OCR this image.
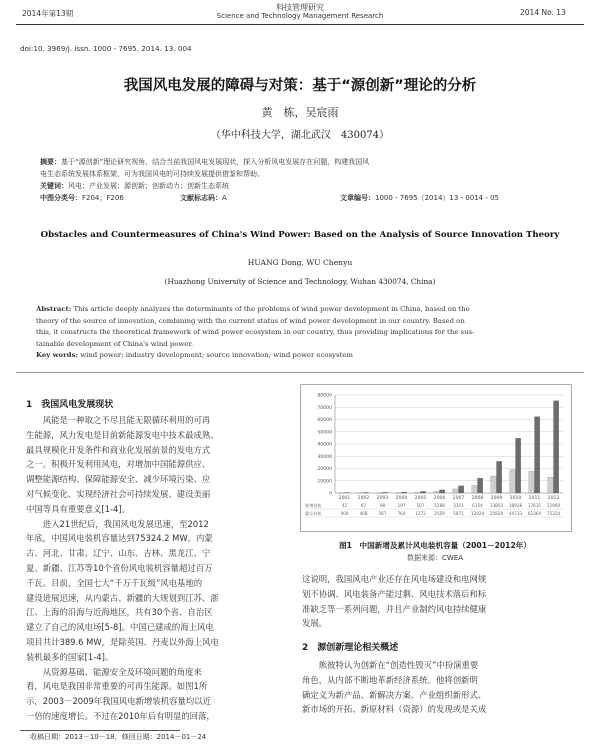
2014年第13期
科技管理研究
Science and Technology Management Research	2014 No. 13
doi:10. 3969/j. issn. 1000 - 7695. 2014. 13. 004
我国风电发展的障碍与对策：基于“源创新”理论的分析
黄　栋，吴宸雨
（华中科技大学，湖北武汉　430074）
摘要：基于“源创新”理论研究视角，结合当前我国风电发展现状，探入分析风电发展存在问题，构建我国风
电生态系统发展体系框架，可为我国风电的可持续发展提供借鉴和帮助。
关键词：风电；产业发展；源创新；创新动力；创新生态系统
中图分类号：F204；F206	文献标志码：A	文章编号：1000 - 7695（2014）13 - 0014 - 05
Obstacles and Countermeasures of China's Wind Power: Based on the Analysis of Source Innovation Theory
HUANG Dong, WU Chenyu
(Huazhong University of Science and Technology, Wuhan 430074, China)
Abstract: This article deeply analyzes the determinants of the problems of wind power development in China, based on the
theory of the source of innovation, combining with the current status of wind power development in our country. Based on
this, it constructs the theoretical framework of wind power ecosystem in our country, thus providing implications for the sus-
tainable development of China's wind power.
Key words: wind power; industry development; source innovation; wind power ecosystem
1　我国风电发展现状

风能是一种取之不尽且能无限循环利用的可再

生能源，风力发电是目前新能源发电中技术最成熟、

最具规模化开发条件和商业化发展前景的发电方式

之一。积极开发利用风电，对增加中国能源供应、

调整能源结构、保障能源安全、减少环境污染、应

对气候变化、实现经济社会可持续发展、建设美丽

中国等具有重要意义[1-4]。

进入21世纪后，我国风电发展迅速，至2012

年底，中国风电装机容量达到75324.2 MW。内蒙

古、河北、甘肃、辽宁、山东、吉林、黑龙江、宁

夏、新疆、江苏等10个省份风电装机容量超过百万

千瓦。目前，全国七大“千万千瓦级”风电基地的

建设进展迅速，从内蒙古、新疆的大规划到江苏、浙

江、上海的沿海与近海地区，共有30个省、自治区

建立了自己的风电场[5-8]。中国已建成的海上风电

项目共计389.6 MW，是除英国、丹麦以外海上风电

装机最多的国家[1-4]。

从资源基础、能源安全及环境问题的角度来

看，风电是我国非常重要的可再生能源。如图1所

示，2003－2009年我国风电新增装机容量均以近

一倍的速度增长。不过在2010年后有明显的回落，

收稿日期：2013－10－18，修回日期：2014－01－24
80000
70000
60000
50000
40000
30000
20000
10000
0
2001 2002 2003 2004 2005 2006 2007 2008 2009 2010 2011 2012
新增装机	42	67	98	197	507 1288 3311 6154 13803 18928 17631 12960
累计装机	400	468	567	764 1272 2559 5871 12024 25828 44733 62364 75324
图1　中国新增及累计风电装机容量（2001－2012年）
数据来源：CWEA

这说明，我国风电产业还存在风电场建设和电网规

划不协调、风电装备产能过剩、风电技术落后和标

准缺乏等一系列问题，并且产业制约风电持续健康

发展。

2　源创新理论相关概述

熊彼特认为创新在“创造性毁灭”中扮演重要

角色，从内部不断地革新经济系统。他将创新明

确定义为新产品、新解决方案、产业组织新形式、

新市场的开拓、新原材料（资源）的发现或是关成
